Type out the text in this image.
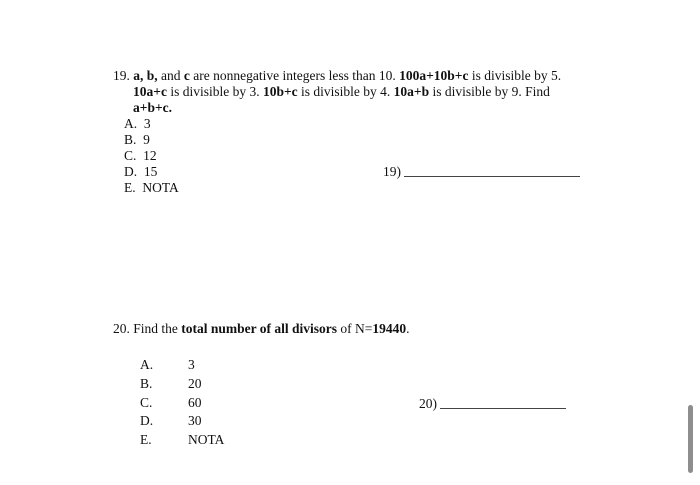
19. a, b, and c are nonnegative integers less than 10. 100a+10b+c is divisible by 5.
10a+c is divisible by 3. 10b+c is divisible by 4. 10a+b is divisible by 9. Find
a+b+c.
A. 3
B. 9
C. 12
D. 15
E. NOTA
19)
20. Find the total number of all divisors of N=19440.
A.	3
B.	20
C.	60
D.	30
E.	NOTA
20)
